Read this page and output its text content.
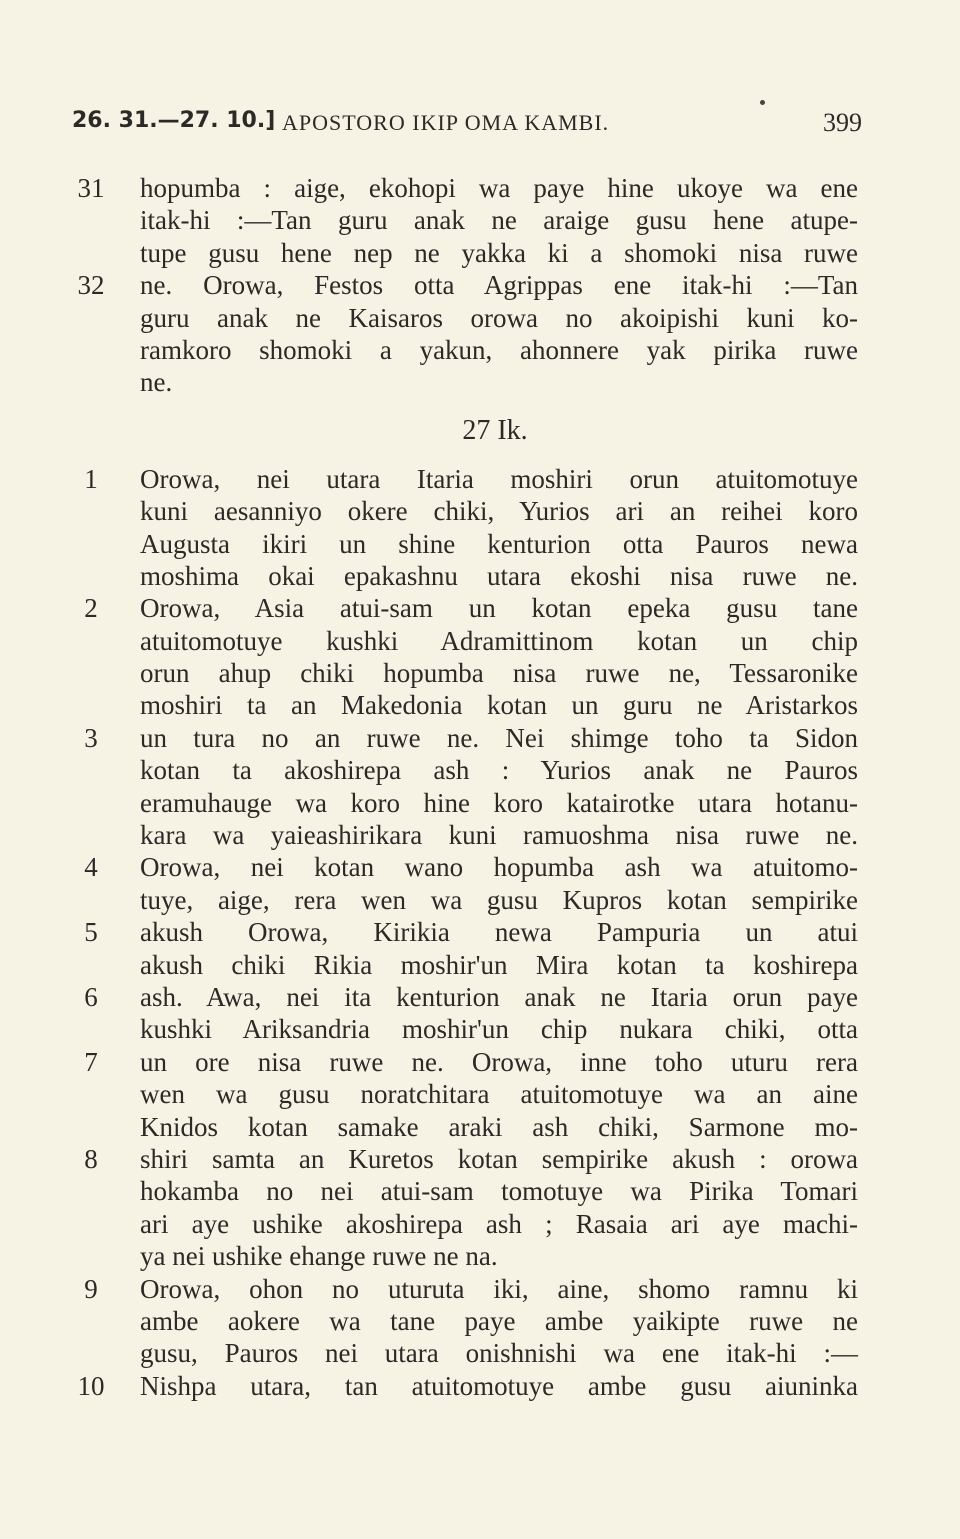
26. 31.—27. 10.] APOSTORO IKIP OMA KAMBI.	399
31 hopumba : aige, ekohopi wa paye hine ukoye wa ene
itak-hi :—Tan guru anak ne araige gusu hene atupe-
tupe gusu hene nep ne yakka ki a shomoki nisa ruwe
32 ne. Orowa, Festos otta Agrippas ene itak-hi :—Tan
guru anak ne Kaisaros orowa no akoipishi kuni ko-
ramkoro shomoki a yakun, ahonnere yak pirika ruwe
ne.
27 Ik.
1	Orowa, nei utara Itaria moshiri orun atuitomotuye
kuni aesanniyo okere chiki, Yurios ari an reihei koro
Augusta ikiri un shine kenturion otta Pauros newa
moshima okai epakashnu utara ekoshi nisa ruwe ne.
2	Orowa, Asia atui-sam un kotan epeka gusu tane
atuitomotuye kushki Adramittinom kotan un chip
orun ahup chiki hopumba nisa ruwe ne, Tessaronike
moshiri ta an Makedonia kotan un guru ne Aristarkos
3	un tura no an ruwe ne. Nei shimge toho ta Sidon
kotan ta akoshirepa ash : Yurios anak ne Pauros
eramuhauge wa koro hine koro katairotke utara hotanu-
kara wa yaieashirikara kuni ramuoshma nisa ruwe ne.
4	Orowa, nei kotan wano hopumba ash wa atuitomo-
tuye, aige, rera wen wa gusu Kupros kotan sempirike
5	akush Orowa, Kirikia newa Pampuria un atui
akush chiki Rikia moshir'un Mira kotan ta koshirepa
6	ash. Awa, nei ita kenturion anak ne Itaria orun paye
kushki Ariksandria moshir'un chip nukara chiki, otta
7	un ore nisa ruwe ne. Orowa, inne toho uturu rera
wen wa gusu noratchitara atuitomotuye wa an aine
Knidos kotan samake araki ash chiki, Sarmone mo-
8	shiri samta an Kuretos kotan sempirike akush : orowa
hokamba no nei atui-sam tomotuye wa Pirika Tomari
ari aye ushike akoshirepa ash ; Rasaia ari aye machi-
ya nei ushike ehange ruwe ne na.
9	Orowa, ohon no uturuta iki, aine, shomo ramnu ki
ambe aokere wa tane paye ambe yaikipte ruwe ne
gusu, Pauros nei utara onishnishi wa ene itak-hi :—
10 Nishpa utara, tan atuitomotuye ambe gusu aiuninka
